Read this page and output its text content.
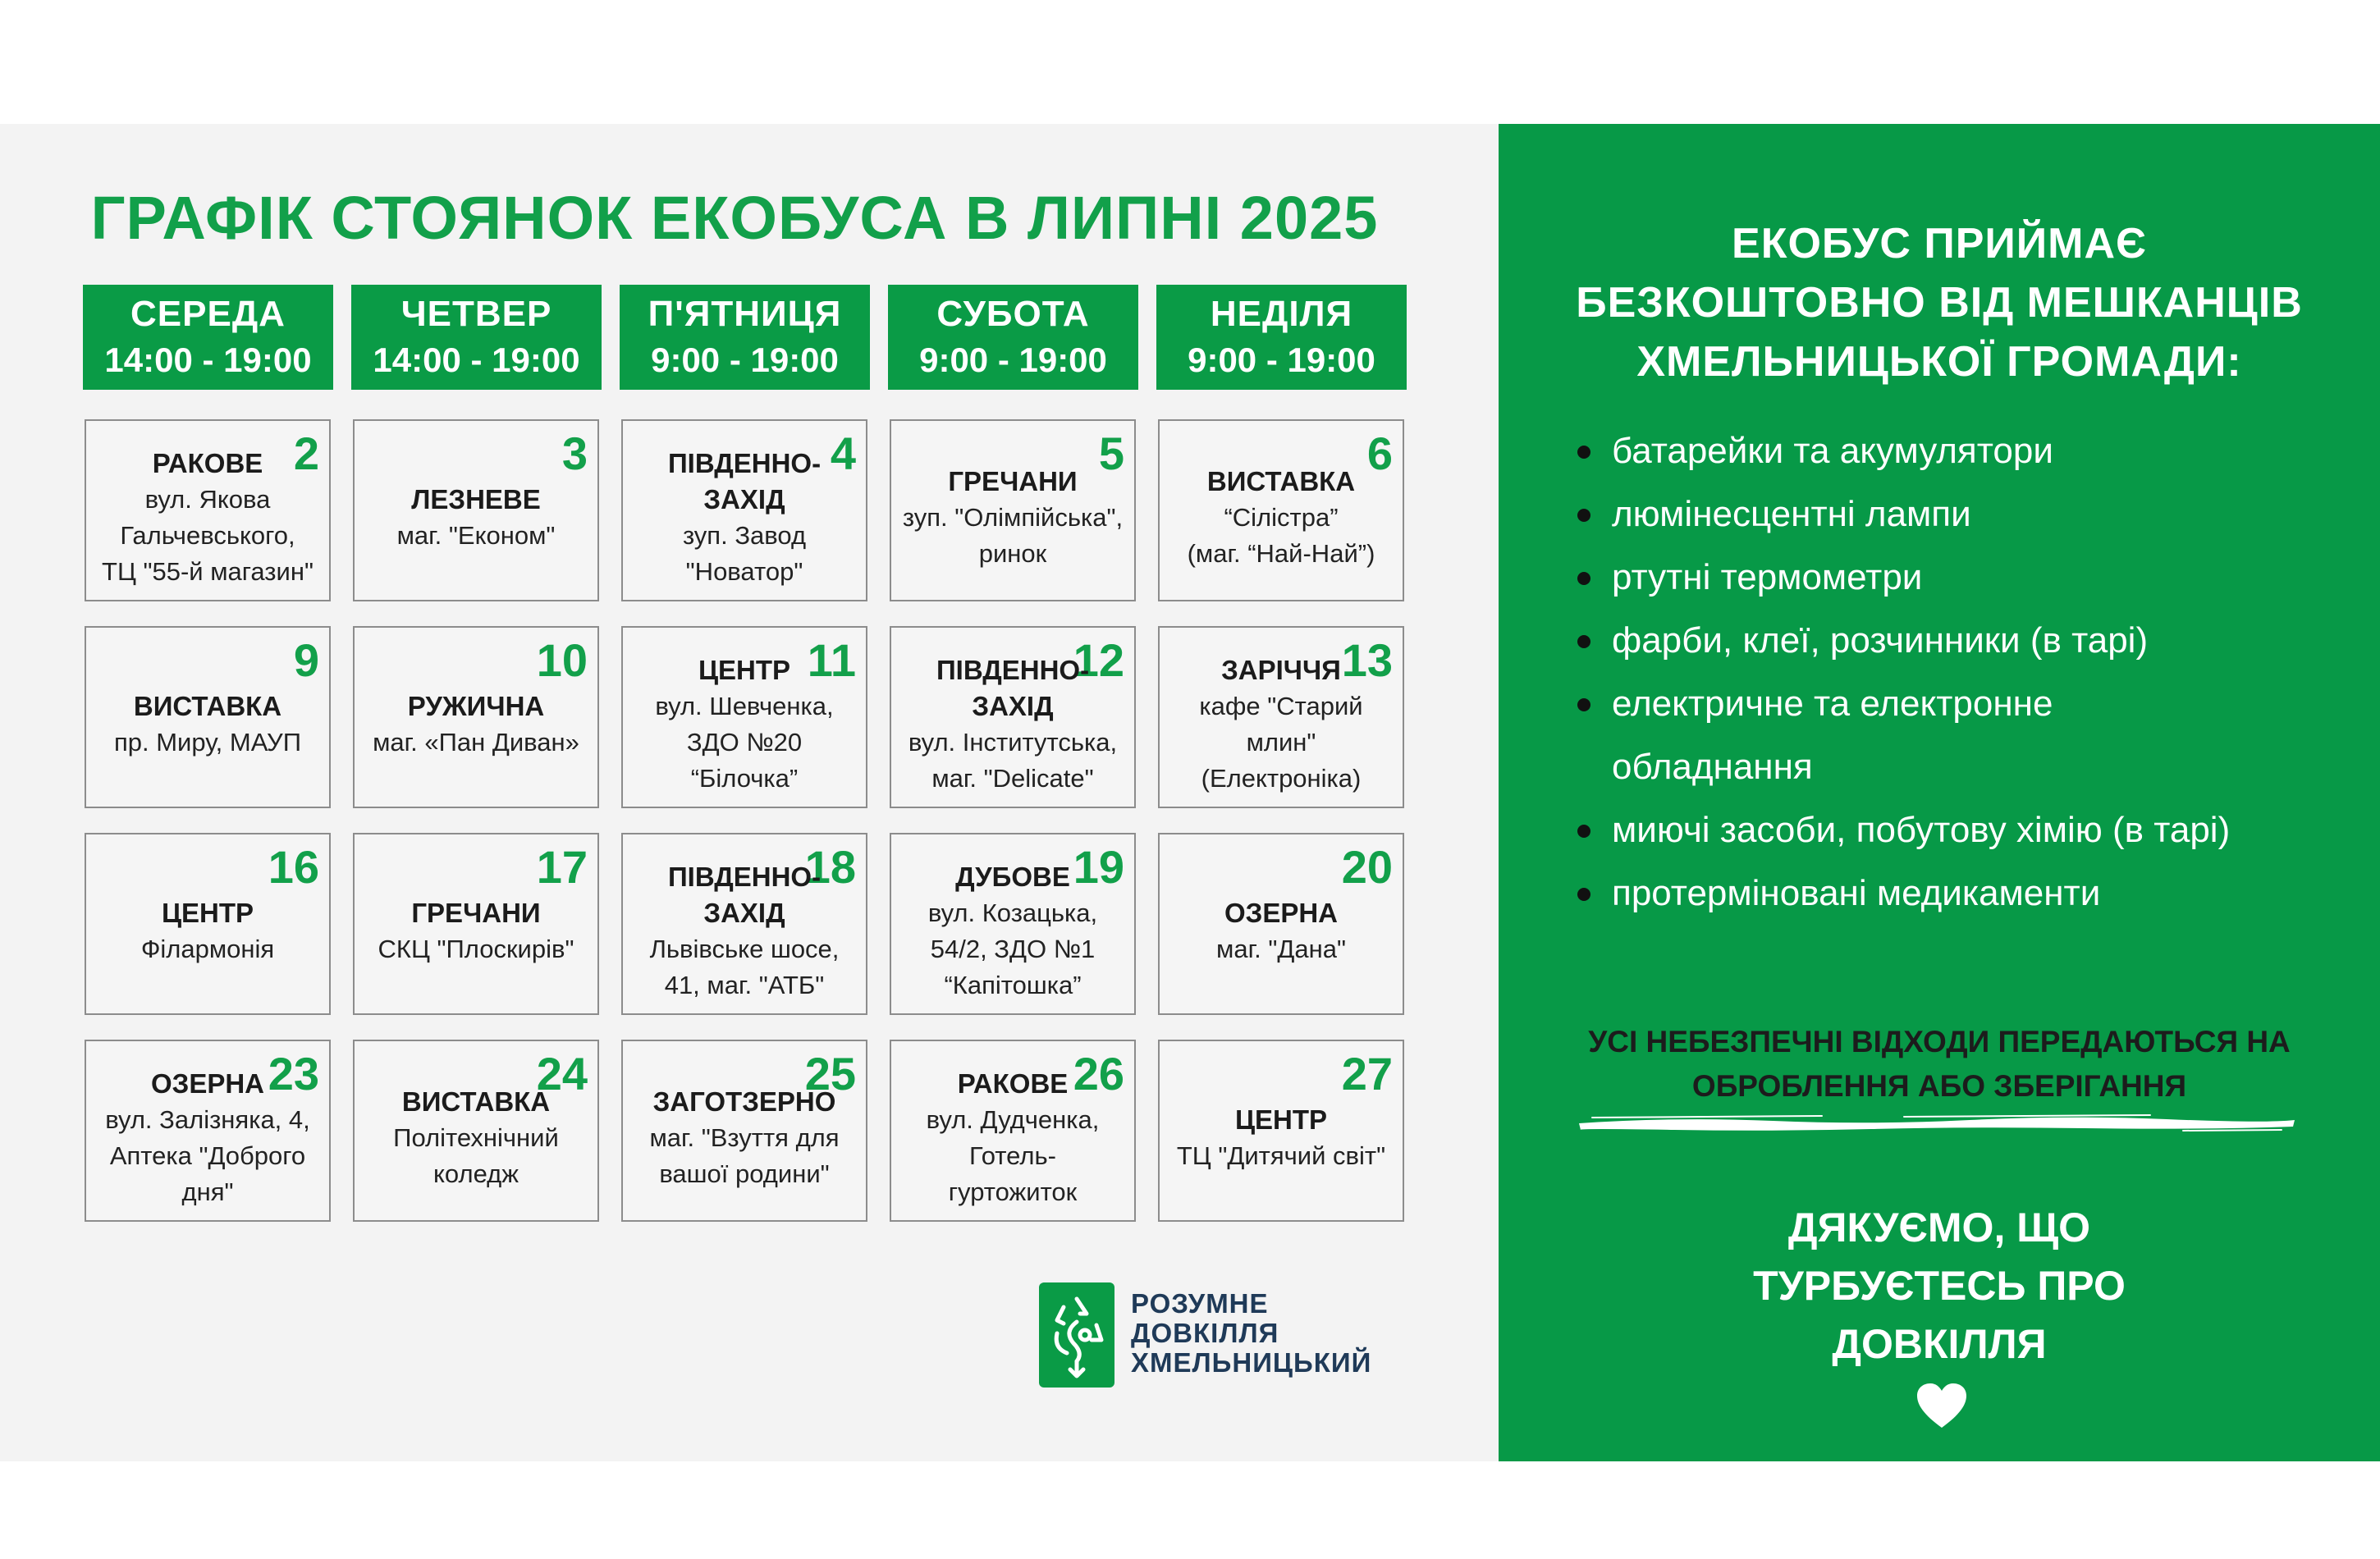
ГРАФІК СТОЯНОК ЕКОБУСА В ЛИПНІ 2025
СЕРЕДА
14:00 - 19:00
ЧЕТВЕР
14:00 - 19:00
П'ЯТНИЦЯ
9:00 - 19:00
СУБОТА
9:00 - 19:00
НЕДІЛЯ
9:00 - 19:00
2
РАКОВЕ
вул. Якова
Гальчевського,
ТЦ "55-й магазин"
3
ЛЕЗНЕВЕ
маг. "Економ"
4
ПІВДЕННО-
ЗАХІД
зуп. Завод
"Новатор"
5
ГРЕЧАНИ
зуп. "Олімпійська",
ринок
6
ВИСТАВКА
“Сілістра”
(маг. “Най-Най”)
9
ВИСТАВКА
пр. Миру, МАУП
10
РУЖИЧНА
маг. «Пан Диван»
11
ЦЕНТР
вул. Шевченка,
ЗДО №20
“Білочка”
12
ПІВДЕННО-
ЗАХІД
вул. Інститутська,
маг. "Delicate"
13
ЗАРІЧЧЯ
кафе "Старий
млин"
(Електроніка)
16
ЦЕНТР
Філармонія
17
ГРЕЧАНИ
СКЦ "Плоскирів"
18
ПІВДЕННО-
ЗАХІД
Львівське шосе,
41, маг. "АТБ"
19
ДУБОВЕ
вул. Козацька,
54/2, ЗДО №1
“Капітошка”
20
ОЗЕРНА
маг. "Дана"
23
ОЗЕРНА
вул. Залізняка, 4,
Аптека "Доброго
дня"
24
ВИСТАВКА
Політехнічний
коледж
25
ЗАГОТЗЕРНО
маг. "Взуття для
вашої родини"
26
РАКОВЕ
вул. Дудченка,
Готель-
гуртожиток
27
ЦЕНТР
ТЦ "Дитячий світ"
РОЗУМНЕ
ДОВКІЛЛЯ
ХМЕЛЬНИЦЬКИЙ
ЕКОБУС ПРИЙМАЄ
БЕЗКОШТОВНО ВІД МЕШКАНЦІВ
ХМЕЛЬНИЦЬКОЇ ГРОМАДИ:
батарейки та акумулятори
люмінесцентні лампи
ртутні термометри
фарби, клеї, розчинники (в тарі)
електричне та електронне
обладнання
миючі засоби, побутову хімію (в тарі)
протерміновані медикаменти
УСІ НЕБЕЗПЕЧНІ ВІДХОДИ ПЕРЕДАЮТЬСЯ НА
ОБРОБЛЕННЯ АБО ЗБЕРІГАННЯ
ДЯКУЄМО, ЩО
ТУРБУЄТЕСЬ ПРО
ДОВКІЛЛЯ
